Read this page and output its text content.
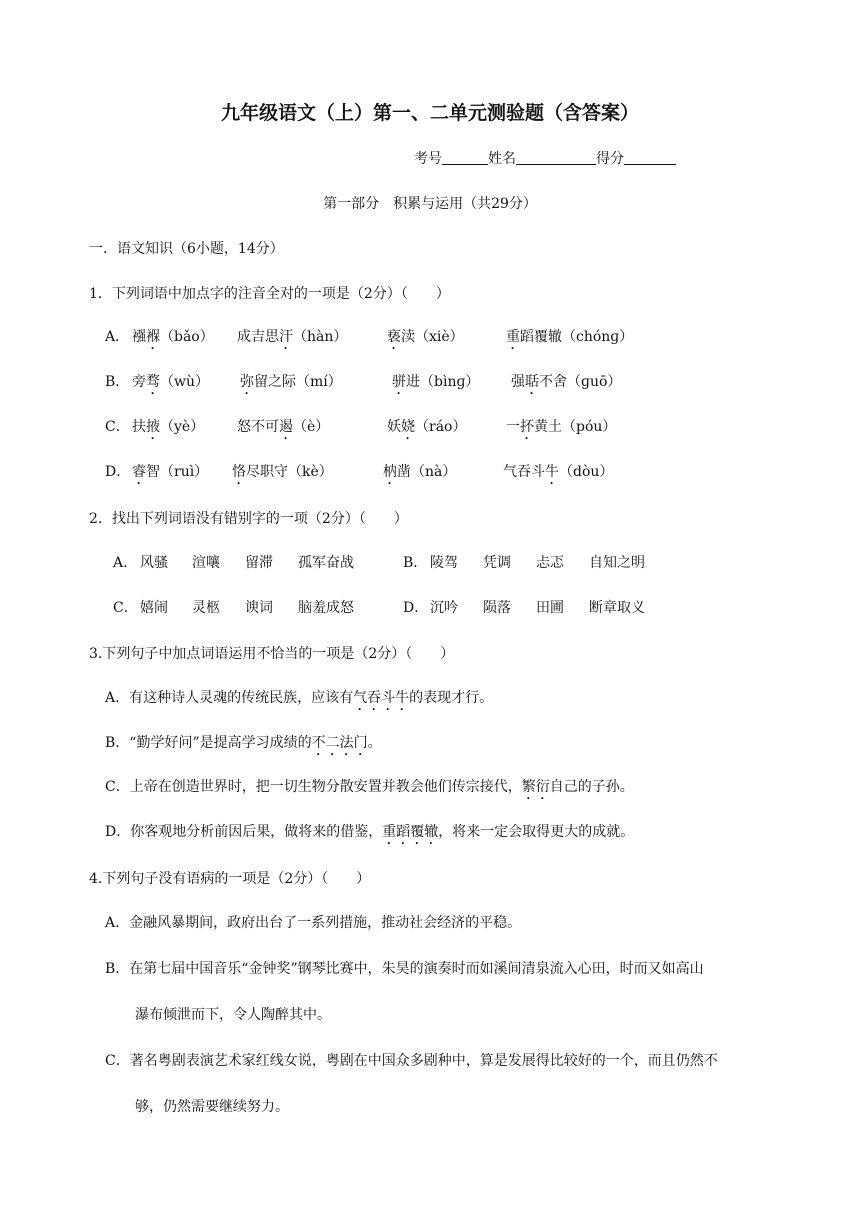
九年级语文（上）第一、二单元测验题（含答案）
考号	姓名	得分
第一部分　积累与运用（共29分）
一．语文知识（6小题，14分）
1．下列词语中加点字的注音全对的一项是（2分）（　　）
A． 襁褓（bǎo） 成吉思汗（hàn）	亵渎（xiè）	重蹈覆辙（chónɡ）
B． 旁骛（wù） 弥留之际（mí）	骈进（bìnɡ） 强聒不舍（ɡuō）
C． 扶掖（yè） 怒不可遏（è）	妖娆（ráo）	一抔黄土（póu）
D． 睿智（ruì） 恪尽职守（kè）	枘凿（nà）	气吞斗牛（dòu）
2．找出下列词语没有错别字的一项（2分）（　　）
A． 风骚 渲嚷 留滞 孤军奋战	B． 陵驾 凭调 忐忑 自知之明
C． 嬉闹 灵柩 谀词 脑羞成怒	D． 沉吟 陨落 田圃 断章取义
3.下列句子中加点词语运用不恰当的一项是（2分）（　　）
A．有这种诗人灵魂的传统民族，应该有气吞斗牛的表现才行。
B．“勤学好问”是提高学习成绩的不二法门。
C．上帝在创造世界时，把一切生物分散安置并教会他们传宗接代，繁衍自己的子孙。
D．你客观地分析前因后果，做将来的借鉴，重蹈覆辙，将来一定会取得更大的成就。
4.下列句子没有语病的一项是（2分）（　　）
A．金融风暴期间，政府出台了一系列措施，推动社会经济的平稳。
B．在第七届中国音乐“金钟奖”钢琴比赛中，朱昊的演奏时而如溪间清泉流入心田，时而又如高山
瀑布倾泄而下，令人陶醉其中。
C．著名粤剧表演艺术家红线女说，粤剧在中国众多剧种中，算是发展得比较好的一个，而且仍然不
够，仍然需要继续努力。
